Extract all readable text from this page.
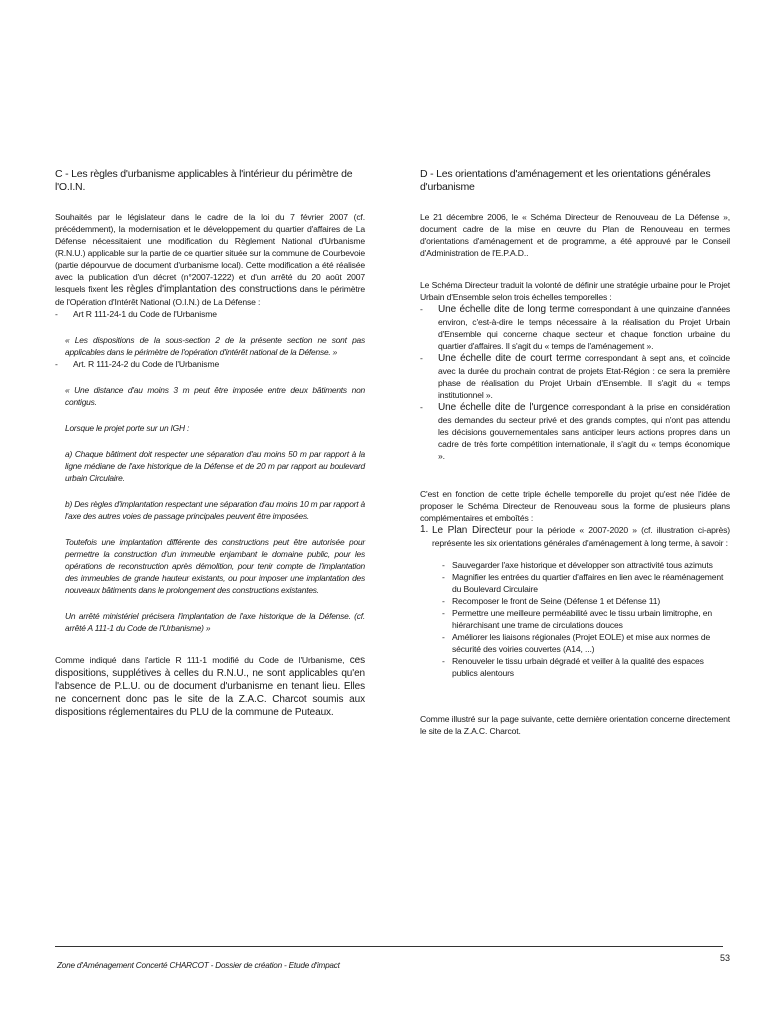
C - Les règles d'urbanisme applicables à l'intérieur du périmètre de l'O.I.N.

Souhaités par le législateur dans le cadre de la loi du 7 février 2007 (cf. précédemment), la modernisation et le développement du quartier d'affaires de La Défense nécessitaient une modification du Règlement National d'Urbanisme (R.N.U.) applicable sur la partie de ce quartier située sur la commune de Courbevoie (partie dépourvue de document d'urbanisme local). Cette modification a été réalisée avec la publication d'un décret (n°2007-1222) et d'un arrêté du 20 août 2007 lesquels fixent les règles d'implantation des constructions dans le périmètre de l'Opération d'Intérêt National (O.I.N.) de La Défense :

- Art R 111-24-1 du Code de l'Urbanisme

« Les dispositions de la sous-section 2 de la présente section ne sont pas applicables dans le périmètre de l'opération d'intérêt national de la Défense. »

- Art. R 111-24-2 du Code de l'Urbanisme

« Une distance d'au moins 3 m peut être imposée entre deux bâtiments non contigus.

Lorsque le projet porte sur un IGH :

a) Chaque bâtiment doit respecter une séparation d'au moins 50 m par rapport à la ligne médiane de l'axe historique de la Défense et de 20 m par rapport au boulevard urbain Circulaire.

b) Des règles d'implantation respectant une séparation d'au moins 10 m par rapport à l'axe des autres voies de passage principales peuvent être imposées.

Toutefois une implantation différente des constructions peut être autorisée pour permettre la construction d'un immeuble enjambant le domaine public, pour les opérations de reconstruction après démolition, pour tenir compte de l'implantation des immeubles de grande hauteur existants, ou pour imposer une implantation des nouveaux bâtiments dans le prolongement des constructions existantes.

Un arrêté ministériel précisera l'implantation de l'axe historique de la Défense. (cf. arrêté A 111-1 du Code de l'Urbanisme) »

Comme indiqué dans l'article R 111-1 modifié du Code de l'Urbanisme, ces dispositions, supplétives à celles du R.N.U., ne sont applicables qu'en l'absence de P.L.U. ou de document d'urbanisme en tenant lieu. Elles ne concernent donc pas le site de la Z.A.C. Charcot soumis aux dispositions réglementaires du PLU de la commune de Puteaux.

D - Les orientations d'aménagement et les orientations générales d'urbanisme

Le 21 décembre 2006, le « Schéma Directeur de Renouveau de La Défense », document cadre de la mise en œuvre du Plan de Renouveau en termes d'orientations d'aménagement et de programme, a été approuvé par le Conseil d'Administration de l'E.P.A.D..

Le Schéma Directeur traduit la volonté de définir une stratégie urbaine pour le Projet Urbain d'Ensemble selon trois échelles temporelles :

- Une échelle dite de long terme correspondant à une quinzaine d'années environ, c'est-à-dire le temps nécessaire à la réalisation du Projet Urbain d'Ensemble qui concerne chaque secteur et chaque fonction urbaine du quartier d'affaires. Il s'agit du « temps de l'aménagement ».
- Une échelle dite de court terme correspondant à sept ans, et coïncide avec la durée du prochain contrat de projets Etat-Région : ce sera la première phase de réalisation du Projet Urbain d'Ensemble. Il s'agit du « temps institutionnel ».
- Une échelle dite de l'urgence correspondant à la prise en considération des demandes du secteur privé et des grands comptes, qui n'ont pas attendu les décisions gouvernementales sans anticiper leurs actions propres dans un cadre de très forte compétition internationale, il s'agit du « temps économique ».

C'est en fonction de cette triple échelle temporelle du projet qu'est née l'idée de proposer le Schéma Directeur de Renouveau sous la forme de plusieurs plans complémentaires et emboîtés :

1. Le Plan Directeur pour la période « 2007-2020 » (cf. illustration ci-après) représente les six orientations générales d'aménagement à long terme, à savoir :
- Sauvegarder l'axe historique et développer son attractivité tous azimuts
- Magnifier les entrées du quartier d'affaires en lien avec le réaménagement du Boulevard Circulaire
- Recomposer le front de Seine (Défense 1 et Défense 11)
- Permettre une meilleure perméabilité avec le tissu urbain limitrophe, en hiérarchisant une trame de circulations douces
- Améliorer les liaisons régionales (Projet EOLE) et mise aux normes de sécurité des voiries couvertes (A14, ...)
- Renouveler le tissu urbain dégradé et veiller à la qualité des espaces publics alentours

Comme illustré sur la page suivante, cette dernière orientation concerne directement le site de la Z.A.C. Charcot.

53
Zone d'Aménagement Concerté CHARCOT - Dossier de création - Etude d'impact
